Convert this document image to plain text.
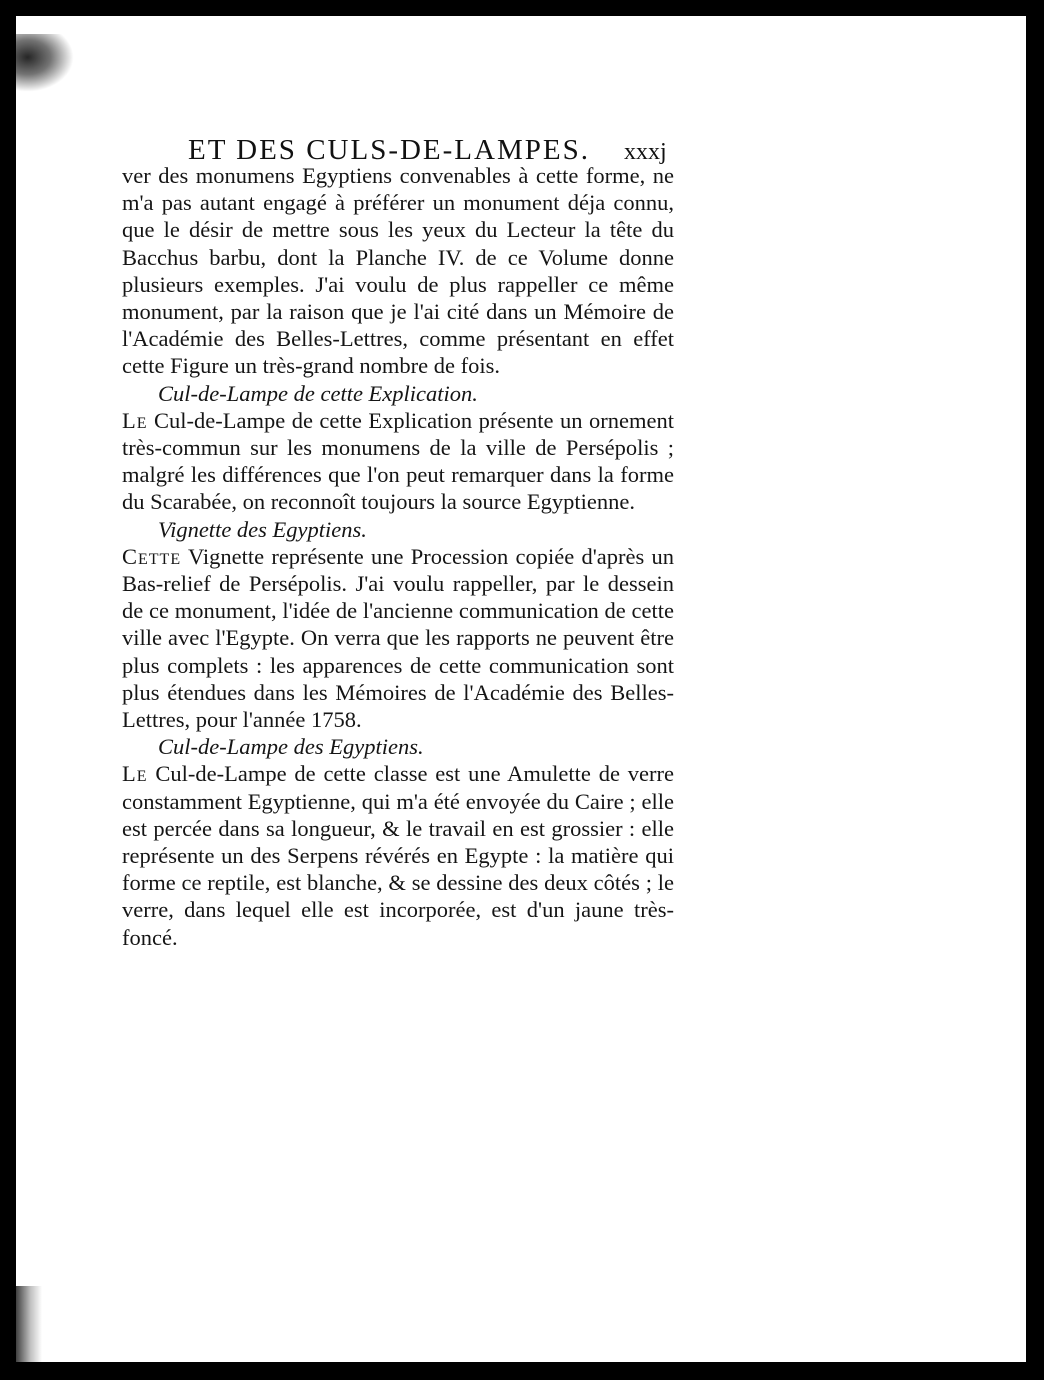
ET DES CULS-DE-LAMPES.	xxxj

ver des monumens Egyptiens convenables à cette forme, ne m'a pas autant engagé à préférer un monument déja connu, que le désir de mettre sous les yeux du Lecteur la tête du Bacchus barbu, dont la Planche IV. de ce Volume donne plusieurs exemples. J'ai voulu de plus rappeller ce même monument, par la raison que je l'ai cité dans un Mémoire de l'Académie des Belles-Lettres, comme présentant en effet cette Figure un très-grand nombre de fois.

Cul-de-Lampe de cette Explication.

Le Cul-de-Lampe de cette Explication présente un ornement très-commun sur les monumens de la ville de Persépolis ; malgré les différences que l'on peut remarquer dans la forme du Scarabée, on reconnoît toujours la source Egyptienne.

Vignette des Egyptiens.

Cette Vignette représente une Procession copiée d'après un Bas-relief de Persépolis. J'ai voulu rappeller, par le dessein de ce monument, l'idée de l'ancienne communication de cette ville avec l'Egypte. On verra que les rapports ne peuvent être plus complets : les apparences de cette communication sont plus étendues dans les Mémoires de l'Académie des Belles-Lettres, pour l'année 1758.

Cul-de-Lampe des Egyptiens.

Le Cul-de-Lampe de cette classe est une Amulette de verre constamment Egyptienne, qui m'a été envoyée du Caire ; elle est percée dans sa longueur, & le travail en est grossier : elle représente un des Serpens révérés en Egypte : la matière qui forme ce reptile, est blanche, & se dessine des deux côtés ; le verre, dans lequel elle est incorporée, est d'un jaune très-foncé.
